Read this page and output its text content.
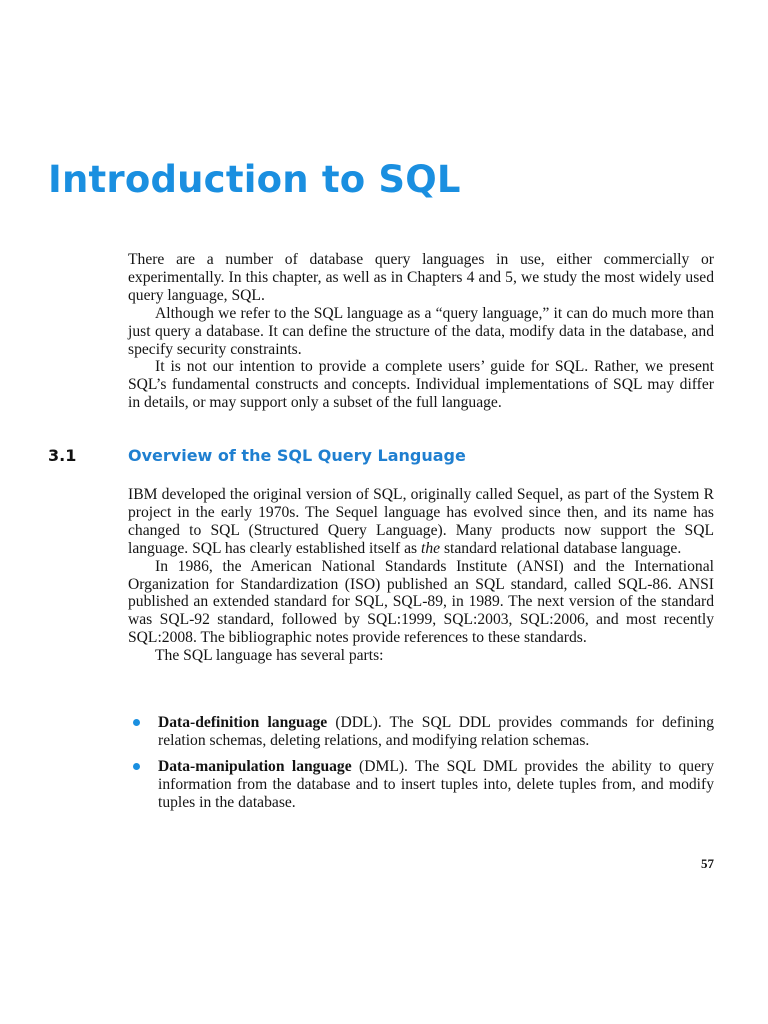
Introduction to SQL

There are a number of database query languages in use, either commercially or experimentally. In this chapter, as well as in Chapters 4 and 5, we study the most widely used query language, SQL.

Although we refer to the SQL language as a “query language,” it can do much more than just query a database. It can define the structure of the data, modify data in the database, and specify security constraints.

It is not our intention to provide a complete users’ guide for SQL. Rather, we present SQL’s fundamental constructs and concepts. Individual implementations of SQL may differ in details, or may support only a subset of the full language.

3.1	Overview of the SQL Query Language

IBM developed the original version of SQL, originally called Sequel, as part of the System R project in the early 1970s. The Sequel language has evolved since then, and its name has changed to SQL (Structured Query Language). Many products now support the SQL language. SQL has clearly established itself as the standard relational database language.

In 1986, the American National Standards Institute (ANSI) and the International Organization for Standardization (ISO) published an SQL standard, called SQL-86. ANSI published an extended standard for SQL, SQL-89, in 1989. The next version of the standard was SQL-92 standard, followed by SQL:1999, SQL:2003, SQL:2006, and most recently SQL:2008. The bibliographic notes provide references to these standards.

The SQL language has several parts:

Data-definition language (DDL). The SQL DDL provides commands for defining relation schemas, deleting relations, and modifying relation schemas.
Data-manipulation language (DML). The SQL DML provides the ability to query information from the database and to insert tuples into, delete tuples from, and modify tuples in the database.
57
